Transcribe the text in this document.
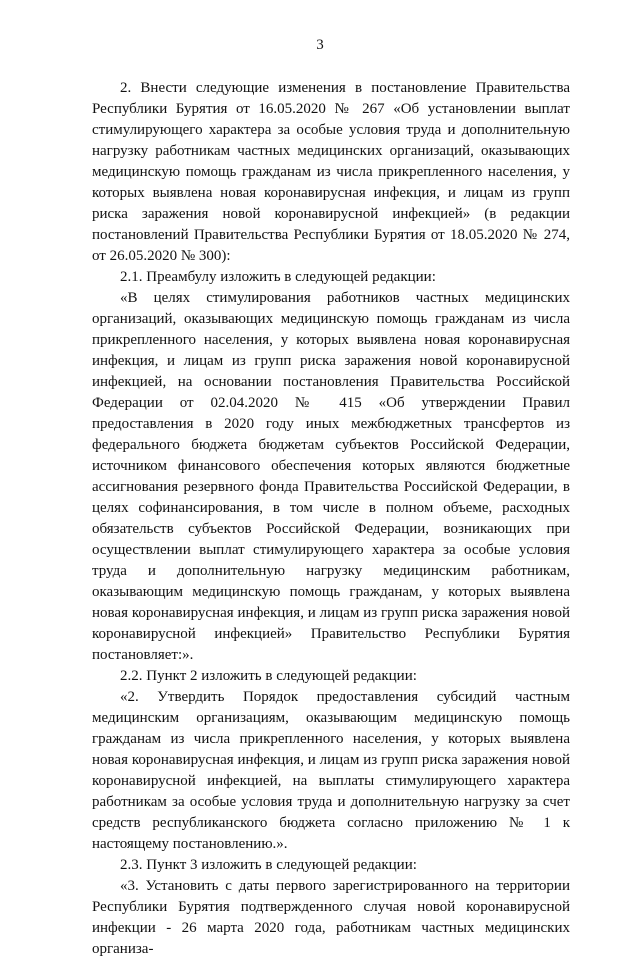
3

2. Внести следующие изменения в постановление Правительства Республики Бурятия от 16.05.2020 № 267 «Об установлении выплат стимулирующего характера за особые условия труда и дополнительную нагрузку работникам частных медицинских организаций, оказывающих медицинскую помощь гражданам из числа прикрепленного населения, у которых выявлена новая коронавирусная инфекция, и лицам из групп риска заражения новой коронавирусной инфекцией» (в редакции постановлений Правительства Республики Бурятия от 18.05.2020 № 274, от 26.05.2020 № 300):

2.1. Преамбулу изложить в следующей редакции:

«В целях стимулирования работников частных медицинских организаций, оказывающих медицинскую помощь гражданам из числа прикрепленного населения, у которых выявлена новая коронавирусная инфекция, и лицам из групп риска заражения новой коронавирусной инфекцией, на основании постановления Правительства Российской Федерации от 02.04.2020 № 415 «Об утверждении Правил предоставления в 2020 году иных межбюджетных трансфертов из федерального бюджета бюджетам субъектов Российской Федерации, источником финансового обеспечения которых являются бюджетные ассигнования резервного фонда Правительства Российской Федерации, в целях софинансирования, в том числе в полном объеме, расходных обязательств субъектов Российской Федерации, возникающих при осуществлении выплат стимулирующего характера за особые условия труда и дополнительную нагрузку медицинским работникам, оказывающим медицинскую помощь гражданам, у которых выявлена новая коронавирусная инфекция, и лицам из групп риска заражения новой коронавирусной инфекцией» Правительство Республики Бурятия постановляет:».

2.2. Пункт 2 изложить в следующей редакции:

«2. Утвердить Порядок предоставления субсидий частным медицинским организациям, оказывающим медицинскую помощь гражданам из числа прикрепленного населения, у которых выявлена новая коронавирусная инфекция, и лицам из групп риска заражения новой коронавирусной инфекцией, на выплаты стимулирующего характера работникам за особые условия труда и дополнительную нагрузку за счет средств республиканского бюджета согласно приложению № 1 к настоящему постановлению.».

2.3. Пункт 3 изложить в следующей редакции:

«3. Установить с даты первого зарегистрированного на территории Республики Бурятия подтвержденного случая новой коронавирусной инфекции - 26 марта 2020 года, работникам частных медицинских организа-
